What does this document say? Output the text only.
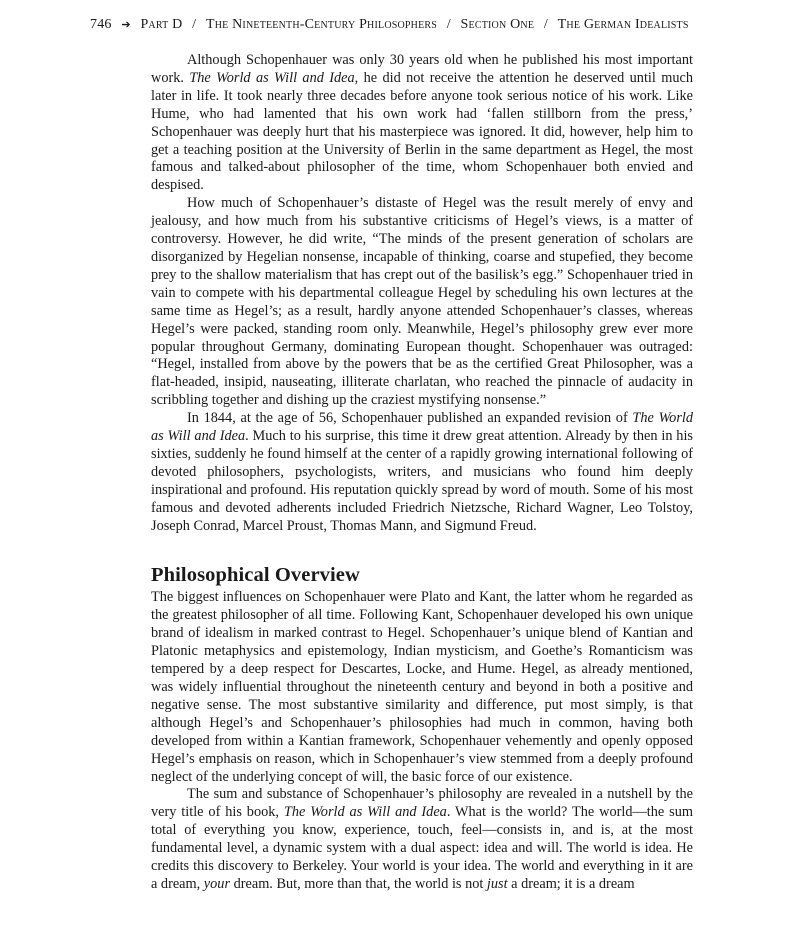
746 ➔ Part D / The Nineteenth-Century Philosophers / Section One / The German Idealists

Although Schopenhauer was only 30 years old when he published his most important work. The World as Will and Idea, he did not receive the attention he deserved until much later in life. It took nearly three decades before anyone took serious notice of his work. Like Hume, who had lamented that his own work had ‘fallen stillborn from the press,’ Schopenhauer was deeply hurt that his masterpiece was ignored. It did, however, help him to get a teaching position at the University of Berlin in the same department as Hegel, the most famous and talked-about philosopher of the time, whom Schopenhauer both envied and despised.

How much of Schopenhauer’s distaste of Hegel was the result merely of envy and jealousy, and how much from his substantive criticisms of Hegel’s views, is a matter of controversy. However, he did write, “The minds of the present generation of scholars are disorganized by Hegelian nonsense, incapable of thinking, coarse and stupefied, they become prey to the shallow materialism that has crept out of the basilisk’s egg.” Schopenhauer tried in vain to compete with his departmental colleague Hegel by scheduling his own lectures at the same time as Hegel’s; as a result, hardly anyone attended Schopenhauer’s classes, whereas Hegel’s were packed, standing room only. Meanwhile, Hegel’s philosophy grew ever more popular throughout Germany, dominating European thought. Schopenhauer was outraged: “Hegel, installed from above by the powers that be as the certified Great Philosopher, was a flat-headed, insipid, nauseating, illiterate charlatan, who reached the pinnacle of audacity in scribbling together and dishing up the craziest mystifying nonsense.”

In 1844, at the age of 56, Schopenhauer published an expanded revision of The World as Will and Idea. Much to his surprise, this time it drew great attention. Already by then in his sixties, suddenly he found himself at the center of a rapidly growing international following of devoted philosophers, psychologists, writers, and musicians who found him deeply inspirational and profound. His reputation quickly spread by word of mouth. Some of his most famous and devoted adherents included Friedrich Nietzsche, Richard Wagner, Leo Tolstoy, Joseph Conrad, Marcel Proust, Thomas Mann, and Sigmund Freud.

Philosophical Overview

The biggest influences on Schopenhauer were Plato and Kant, the latter whom he regarded as the greatest philosopher of all time. Following Kant, Schopenhauer developed his own unique brand of idealism in marked contrast to Hegel. Schopenhauer’s unique blend of Kantian and Platonic metaphysics and epistemology, Indian mysticism, and Goethe’s Romanticism was tempered by a deep respect for Descartes, Locke, and Hume. Hegel, as already mentioned, was widely influential throughout the nineteenth century and beyond in both a positive and negative sense. The most substantive similarity and difference, put most simply, is that although Hegel’s and Schopenhauer’s philosophies had much in common, having both developed from within a Kantian framework, Schopenhauer vehemently and openly opposed Hegel’s emphasis on reason, which in Schopenhauer’s view stemmed from a deeply profound neglect of the underlying concept of will, the basic force of our existence.

The sum and substance of Schopenhauer’s philosophy are revealed in a nutshell by the very title of his book, The World as Will and Idea. What is the world? The world—the sum total of everything you know, experience, touch, feel—consists in, and is, at the most fundamental level, a dynamic system with a dual aspect: idea and will. The world is idea. He credits this discovery to Berkeley. Your world is your idea. The world and everything in it are a dream, your dream. But, more than that, the world is not just a dream; it is a dream
